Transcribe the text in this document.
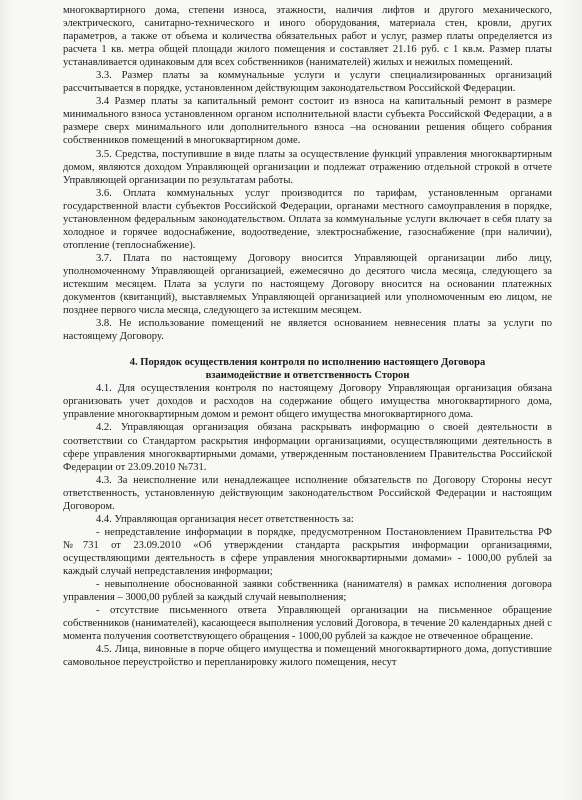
многоквартирного дома, степени износа, этажности, наличия лифтов и другого механического, электрического, санитарно-технического и иного оборудования, материала стен, кровли, других параметров, а также от объема и количества обязательных работ и услуг, размер платы определяется из расчета 1 кв. метра общей площади жилого помещения и составляет 21.16 руб. с 1 кв.м. Размер платы устанавливается одинаковым для всех собственников (нанимателей) жилых и нежилых помещений.

3.3. Размер платы за коммунальные услуги и услуги специализированных организаций рассчитывается в порядке, установленном действующим законодательством Российской Федерации.

3.4 Размер платы за капитальный ремонт состоит из взноса на капитальный ремонт в размере минимального взноса установленном органом исполнительной власти субъекта Российской Федерации, а в размере сверх минимального или дополнительного взноса –на основании решения общего собрания собственников помещений в многоквартирном доме.

3.5. Средства, поступившие в виде платы за осуществление функций управления многоквартирным домом, являются доходом Управляющей организации и подлежат отражению отдельной строкой в отчете Управляющей организации по результатам работы.

3.6. Оплата коммунальных услуг производится по тарифам, установленным органами государственной власти субъектов Российской Федерации, органами местного самоуправления в порядке, установленном федеральным законодательством. Оплата за коммунальные услуги включает в себя плату за холодное и горячее водоснабжение, водоотведение, электроснабжение, газоснабжение (при наличии), отопление (теплоснабжение).

3.7. Плата по настоящему Договору вносится Управляющей организации либо лицу, уполномоченному Управляющей организацией, ежемесячно до десятого числа месяца, следующего за истекшим месяцем. Плата за услуги по настоящему Договору вносится на основании платежных документов (квитанций), выставляемых Управляющей организацией или уполномоченным ею лицом, не позднее первого числа месяца, следующего за истекшим месяцем.

3.8. Не использование помещений не является основанием невнесения платы за услуги по настоящему Договору.

4. Порядок осуществления контроля по исполнению настоящего Договора

взаимодействие и ответственность Сторон

4.1. Для осуществления контроля по настоящему Договору Управляющая организация обязана организовать учет доходов и расходов на содержание общего имущества многоквартирного дома, управление многоквартирным домом и ремонт общего имущества многоквартирного дома.

4.2. Управляющая организация обязана раскрывать информацию о своей деятельности в соответствии со Стандартом раскрытия информации организациями, осуществляющими деятельность в сфере управления многоквартирными домами, утвержденным постановлением Правительства Российской Федерации от 23.09.2010 №731.

4.3. За неисполнение или ненадлежащее исполнение обязательств по Договору Стороны несут ответственность, установленную действующим законодательством Российской Федерации и настоящим Договором.

4.4. Управляющая организация несет ответственность за:

- непредставление информации в порядке, предусмотренном Постановлением Правительства РФ №731 от 23.09.2010 «Об утверждении стандарта раскрытия информации организациями, осуществляющими деятельность в сфере управления многоквартирными домами» - 1000,00 рублей за каждый случай непредставления информации;

- невыполнение обоснованной заявки собственника (нанимателя) в рамках исполнения договора управления – 3000,00 рублей за каждый случай невыполнения;

- отсутствие письменного ответа Управляющей организации на письменное обращение собственников (нанимателей), касающееся выполнения условий Договора, в течение 20 календарных дней с момента получения соответствующего обращения - 1000,00 рублей за каждое не отвеченное обращение.

4.5. Лица, виновные в порче общего имущества и помещений многоквартирного дома, допустившие самовольное переустройство и перепланировку жилого помещения, несут
